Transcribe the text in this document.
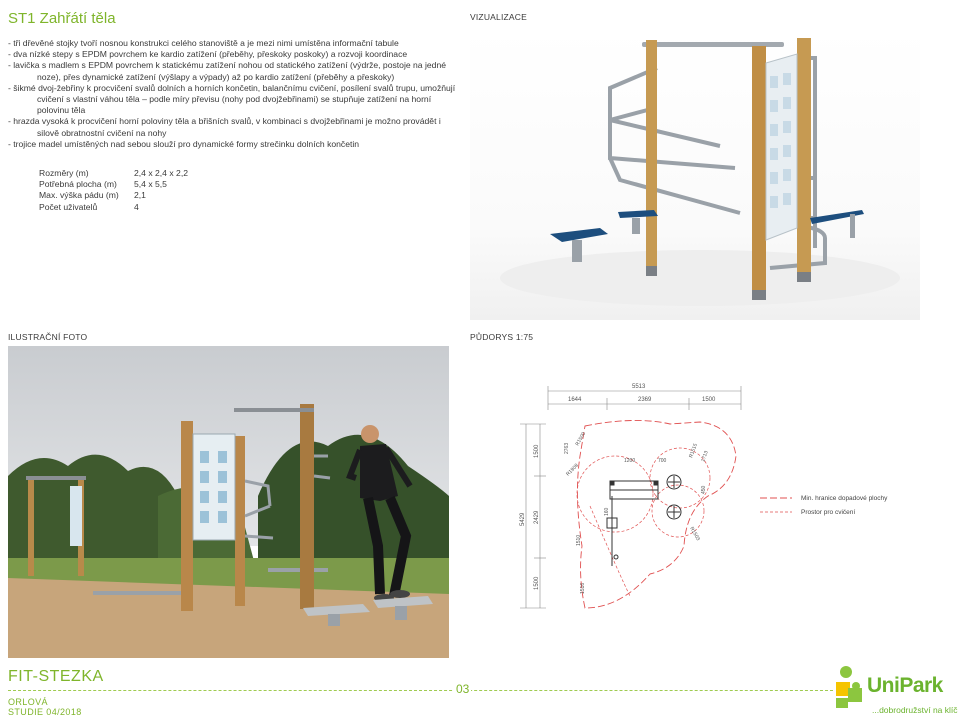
ST1 Zahřátí těla
- tři dřevěné stojky tvoří nosnou konstrukci celého stanoviště a je mezi nimi umístěna informační tabule
- dva nízké stepy s EPDM povrchem ke kardio zatížení (přeběhy, přeskoky poskoky) a rozvoji koordinace
- lavička s madlem s EPDM povrchem k statickému zatížení nohou od statického zatížení (výdrže, postoje na jedné noze), přes dynamické zatížení (výšlapy a výpady) až po kardio zatížení (přeběhy a přeskoky)
- šikmé dvoj-žebřiny k procvičení svalů dolních a horních končetin, balančnímu cvičení, posílení svalů trupu, umožňují cvičení s vlastní váhou těla – podle míry převisu (nohy pod dvojžebřinami) se stupňuje zatížení na horní polovinu těla
- hrazda vysoká k procvičení horní poloviny těla a břišních svalů, v kombinaci s dvojžebřinami je možno provádět i silově obratnostní cvičení na nohy
- trojice madel umístěných nad sebou slouží pro dynamické formy strečinku dolních končetin
Rozměry (m)	2,4 x 2,4 x 2,2
Potřebná plocha (m)	5,4 x 5,5
Max. výška pádu (m)	2,1
Počet uživatelů	4
VIZUALIZACE
ILUSTRAČNÍ FOTO	PŮDORYS 1:75
5513
1644	2369	1500
5429
1500
2429
1500
2763
R1500
R1908
1200	700
R1515 1713
450
160
R1503
1510
1516
Min. hranice dopadové plochy
Prostor pro cvičení
FIT-STEZKA
ORLOVÁ
STUDIE 04/2018
03	UniPark
...dobrodružství na klíč
